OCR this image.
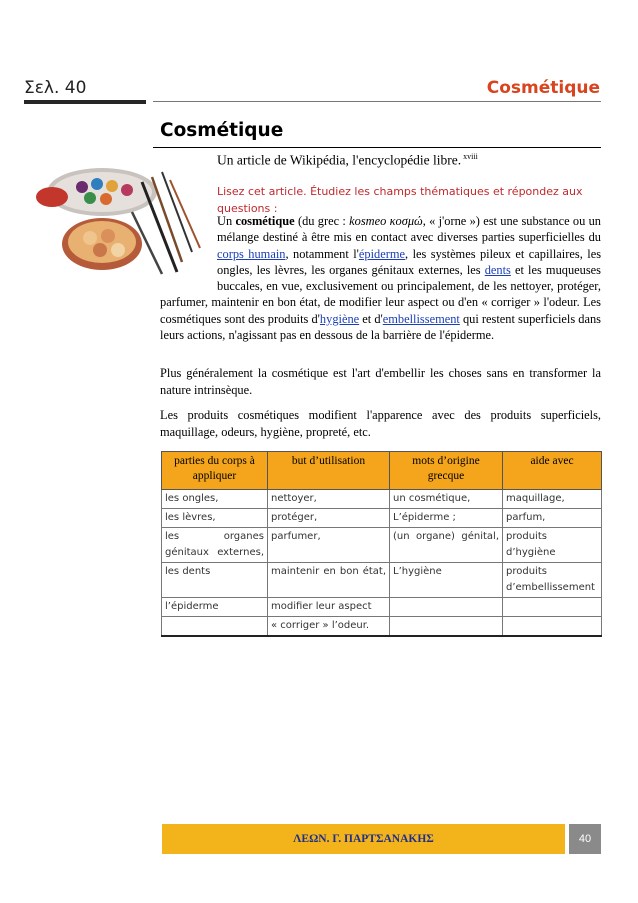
Σελ. 40	Cosmétique
Cosmétique
Un article de Wikipédia, l'encyclopédie libre. $^{xviii}$
Lisez cet article. Étudiez les champs thématiques et répondez aux questions :
Un cosmétique (du grec : kosmeo κοσμώ, « j'orne ») est une substance ou un mélange destiné à être mis en contact avec diverses parties superficielles du corps humain, notamment l'épiderme, les systèmes pileux et capillaires, les ongles, les lèvres, les organes génitaux externes, les dents et les muqueuses buccales, en vue, exclusivement ou principalement, de les nettoyer, protéger, parfumer, maintenir en bon état, de modifier leur aspect ou d'en « corriger » l'odeur. Les cosmétiques sont des produits d'hygiène et d'embellissement qui restent superficiels dans leurs actions, n'agissant pas en dessous de la barrière de l'épiderme.
Plus généralement la cosmétique est l'art d'embellir les choses sans en transformer la nature intrinsèque.
Les produits cosmétiques modifient l'apparence avec des produits superficiels, maquillage, odeurs, hygiène, propreté, etc.
parties du corps à appliquer	but d’utilisation	mots d’origine grecque	aide avec
les ongles,	nettoyer,	un cosmétique,	maquillage,
les lèvres,	protéger,	L’épiderme ;	parfum,
les organes génitaux externes,	parfumer,	(un organe) génital,	produits d’hygiène
les dents	maintenir en bon état,	L’hygiène	produits d’embellissement
l’épiderme	modifier leur aspect		
	« corriger » l’odeur.		
ΛΕΩΝ. Γ. ΠΑΡΤΣΑΝΑΚΗΣ	40
